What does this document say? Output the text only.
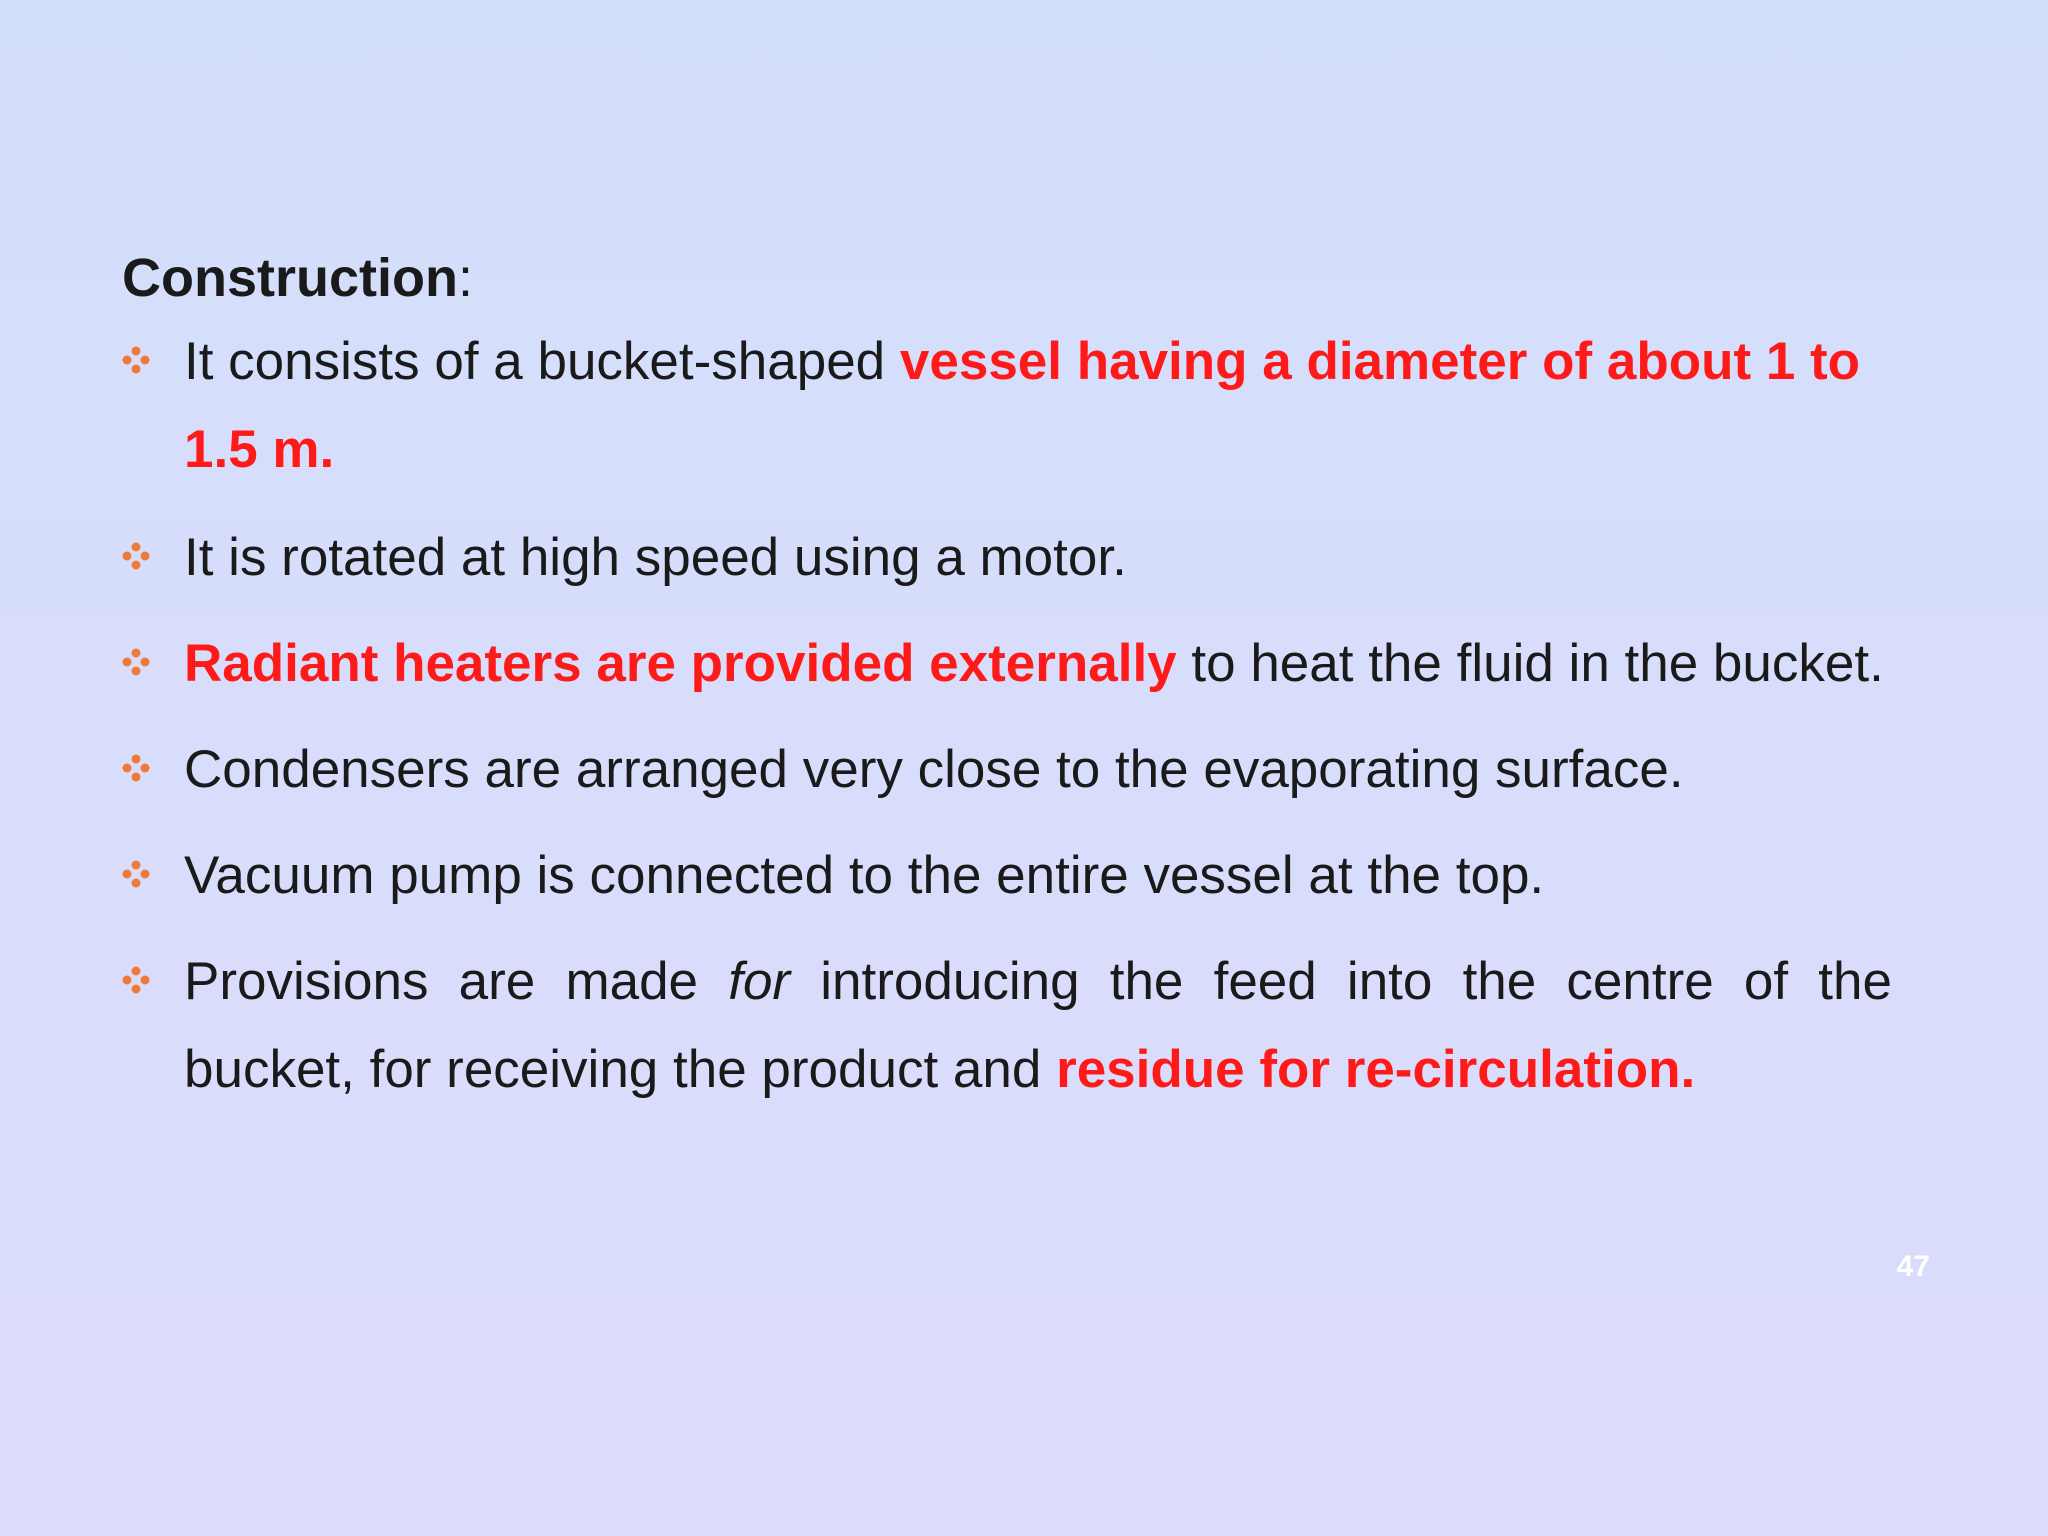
Construction:
It consists of a bucket-shaped vessel having a diameter of about 1 to 1.5 m.
It is rotated at high speed using a motor.
Radiant heaters are provided externally to heat the fluid in the bucket.
Condensers are arranged very close to the evaporating surface.
Vacuum pump is connected to the entire vessel at the top.
Provisions are made for introducing the feed into the centre of the bucket, for receiving the product and residue for re-circulation.
47
